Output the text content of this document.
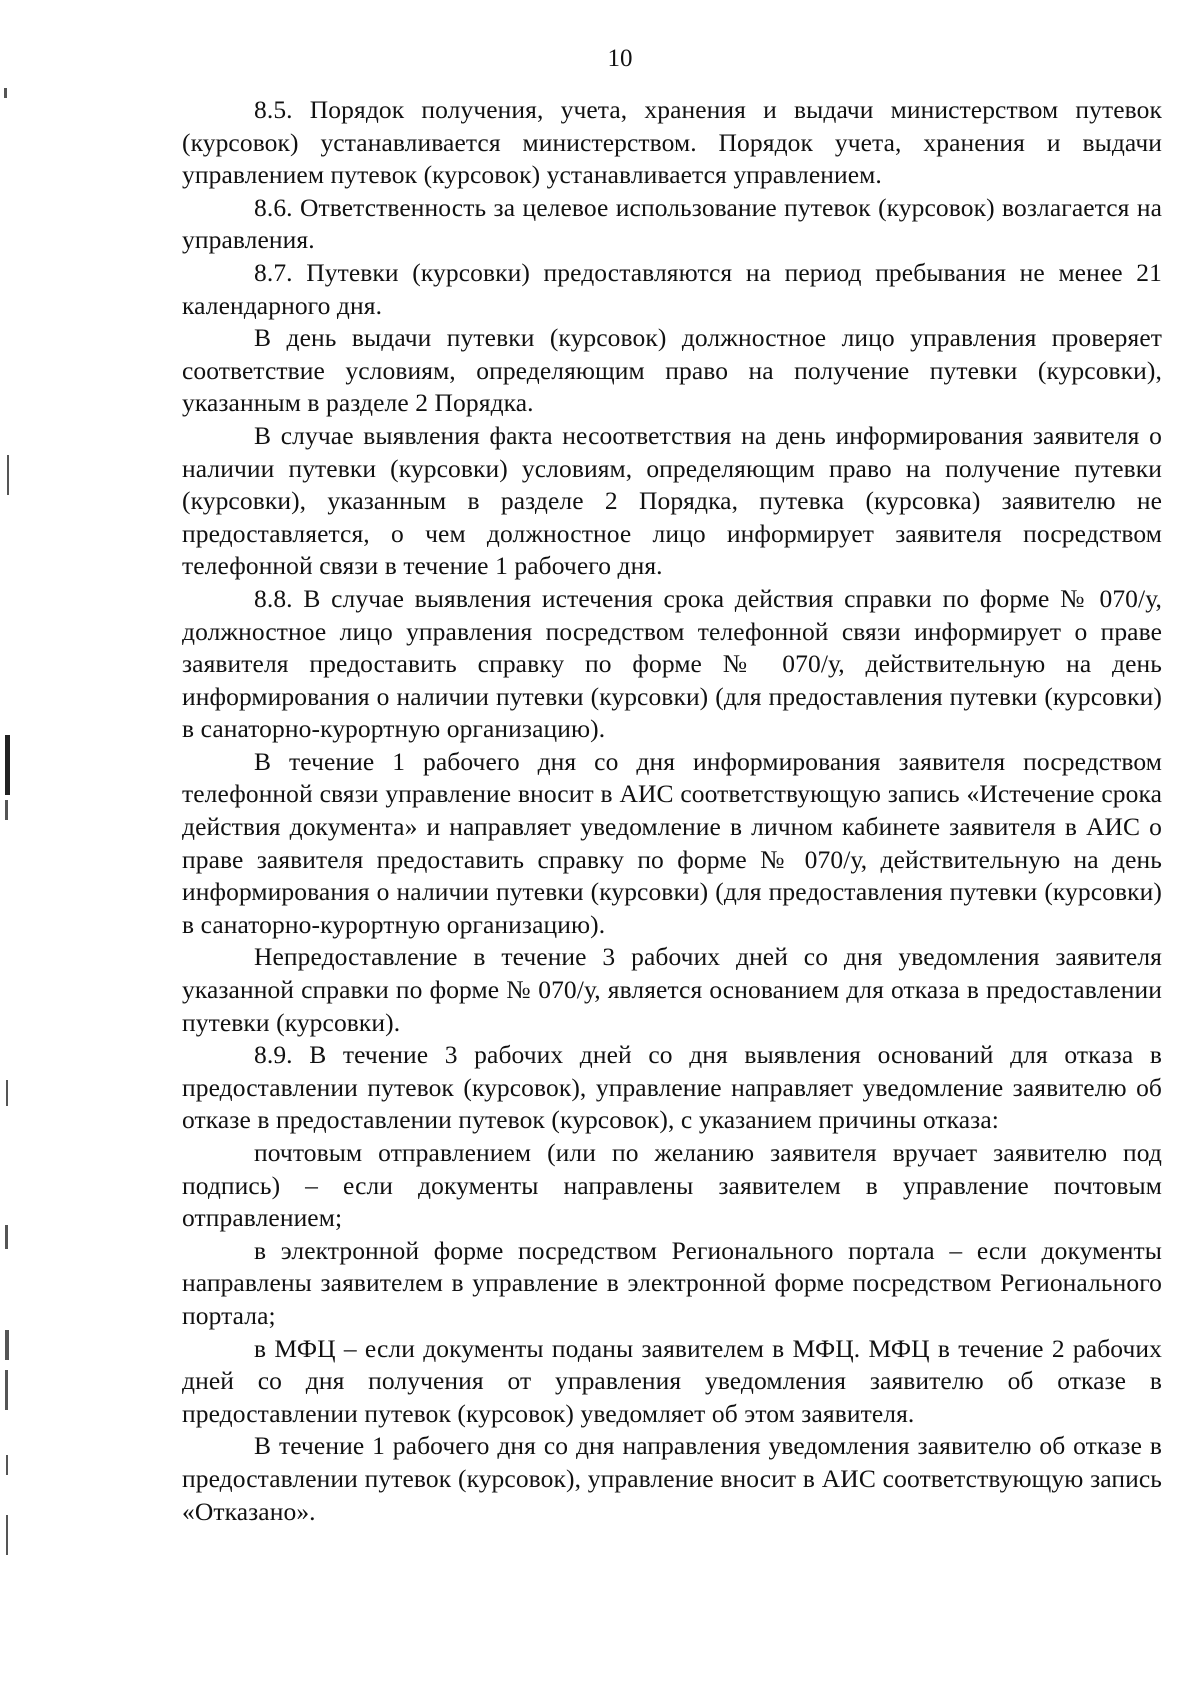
10

8.5. Порядок получения, учета, хранения и выдачи министерством путевок (курсовок) устанавливается министерством. Порядок учета, хранения и выдачи управлением путевок (курсовок) устанавливается управлением.

8.6. Ответственность за целевое использование путевок (курсовок) возлагается на управления.

8.7. Путевки (курсовки) предоставляются на период пребывания не менее 21 календарного дня.

В день выдачи путевки (курсовок) должностное лицо управления проверяет соответствие условиям, определяющим право на получение путевки (курсовки), указанным в разделе 2 Порядка.

В случае выявления факта несоответствия на день информирования заявителя о наличии путевки (курсовки) условиям, определяющим право на получение путевки (курсовки), указанным в разделе 2 Порядка, путевка (курсовка) заявителю не предоставляется, о чем должностное лицо информирует заявителя посредством телефонной связи в течение 1 рабочего дня.

8.8. В случае выявления истечения срока действия справки по форме № 070/у, должностное лицо управления посредством телефонной связи информирует о праве заявителя предоставить справку по форме № 070/у, действительную на день информирования о наличии путевки (курсовки) (для предоставления путевки (курсовки) в санаторно-курортную организацию).

В течение 1 рабочего дня со дня информирования заявителя посредством телефонной связи управление вносит в АИС соответствующую запись «Истечение срока действия документа» и направляет уведомление в личном кабинете заявителя в АИС о праве заявителя предоставить справку по форме № 070/у, действительную на день информирования о наличии путевки (курсовки) (для предоставления путевки (курсовки) в санаторно-курортную организацию).

Непредоставление в течение 3 рабочих дней со дня уведомления заявителя указанной справки по форме № 070/у, является основанием для отказа в предоставлении путевки (курсовки).

8.9. В течение 3 рабочих дней со дня выявления оснований для отказа в предоставлении путевок (курсовок), управление направляет уведомление заявителю об отказе в предоставлении путевок (курсовок), с указанием причины отказа:

почтовым отправлением (или по желанию заявителя вручает заявителю под подпись) – если документы направлены заявителем в управление почтовым отправлением;

в электронной форме посредством Регионального портала – если документы направлены заявителем в управление в электронной форме посредством Регионального портала;

в МФЦ – если документы поданы заявителем в МФЦ. МФЦ в течение 2 рабочих дней со дня получения от управления уведомления заявителю об отказе в предоставлении путевок (курсовок) уведомляет об этом заявителя.

В течение 1 рабочего дня со дня направления уведомления заявителю об отказе в предоставлении путевок (курсовок), управление вносит в АИС соответствующую запись «Отказано».
